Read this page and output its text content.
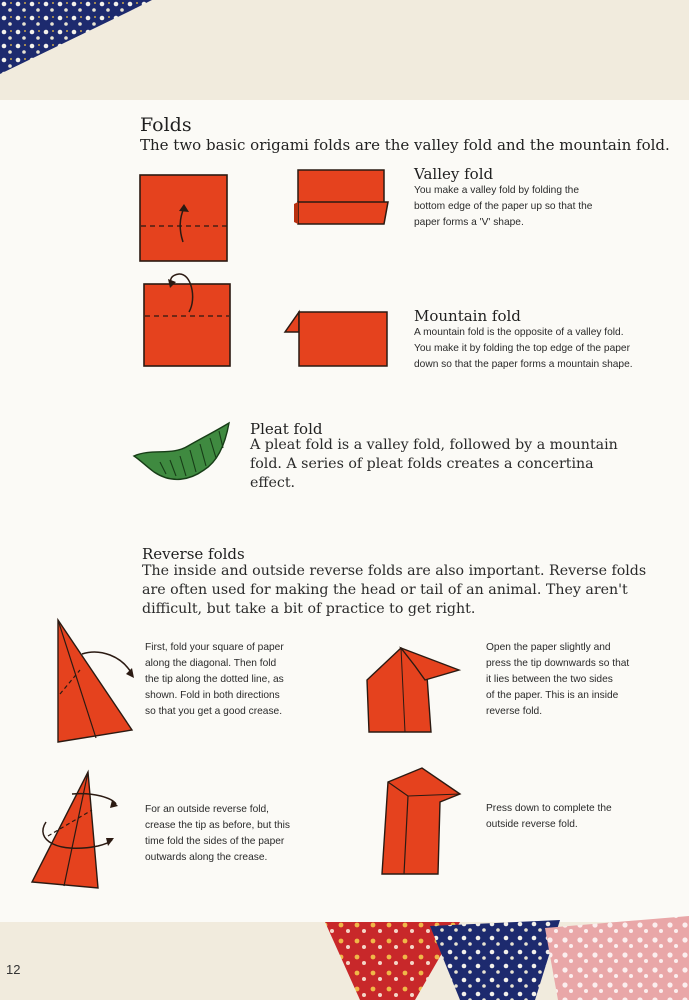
Folds
The two basic origami folds are the valley fold and the mountain fold.
Valley fold
You make a valley fold by folding the
bottom edge of the paper up so that the
paper forms a 'V' shape.
Mountain fold
A mountain fold is the opposite of a valley fold.
You make it by folding the top edge of the paper
down so that the paper forms a mountain shape.
Pleat fold
A pleat fold is a valley fold, followed by a mountain
fold. A series of pleat folds creates a concertina
effect.
Reverse folds
The inside and outside reverse folds are also important. Reverse folds
are often used for making the head or tail of an animal. They aren't
difficult, but take a bit of practice to get right.
First, fold your square of paper
along the diagonal. Then fold
the tip along the dotted line, as
shown. Fold in both directions
so that you get a good crease.
Open the paper slightly and
press the tip downwards so that
it lies between the two sides
of the paper. This is an inside
reverse fold.
For an outside reverse fold,
crease the tip as before, but this
time fold the sides of the paper
outwards along the crease.
Press down to complete the
outside reverse fold.
12
